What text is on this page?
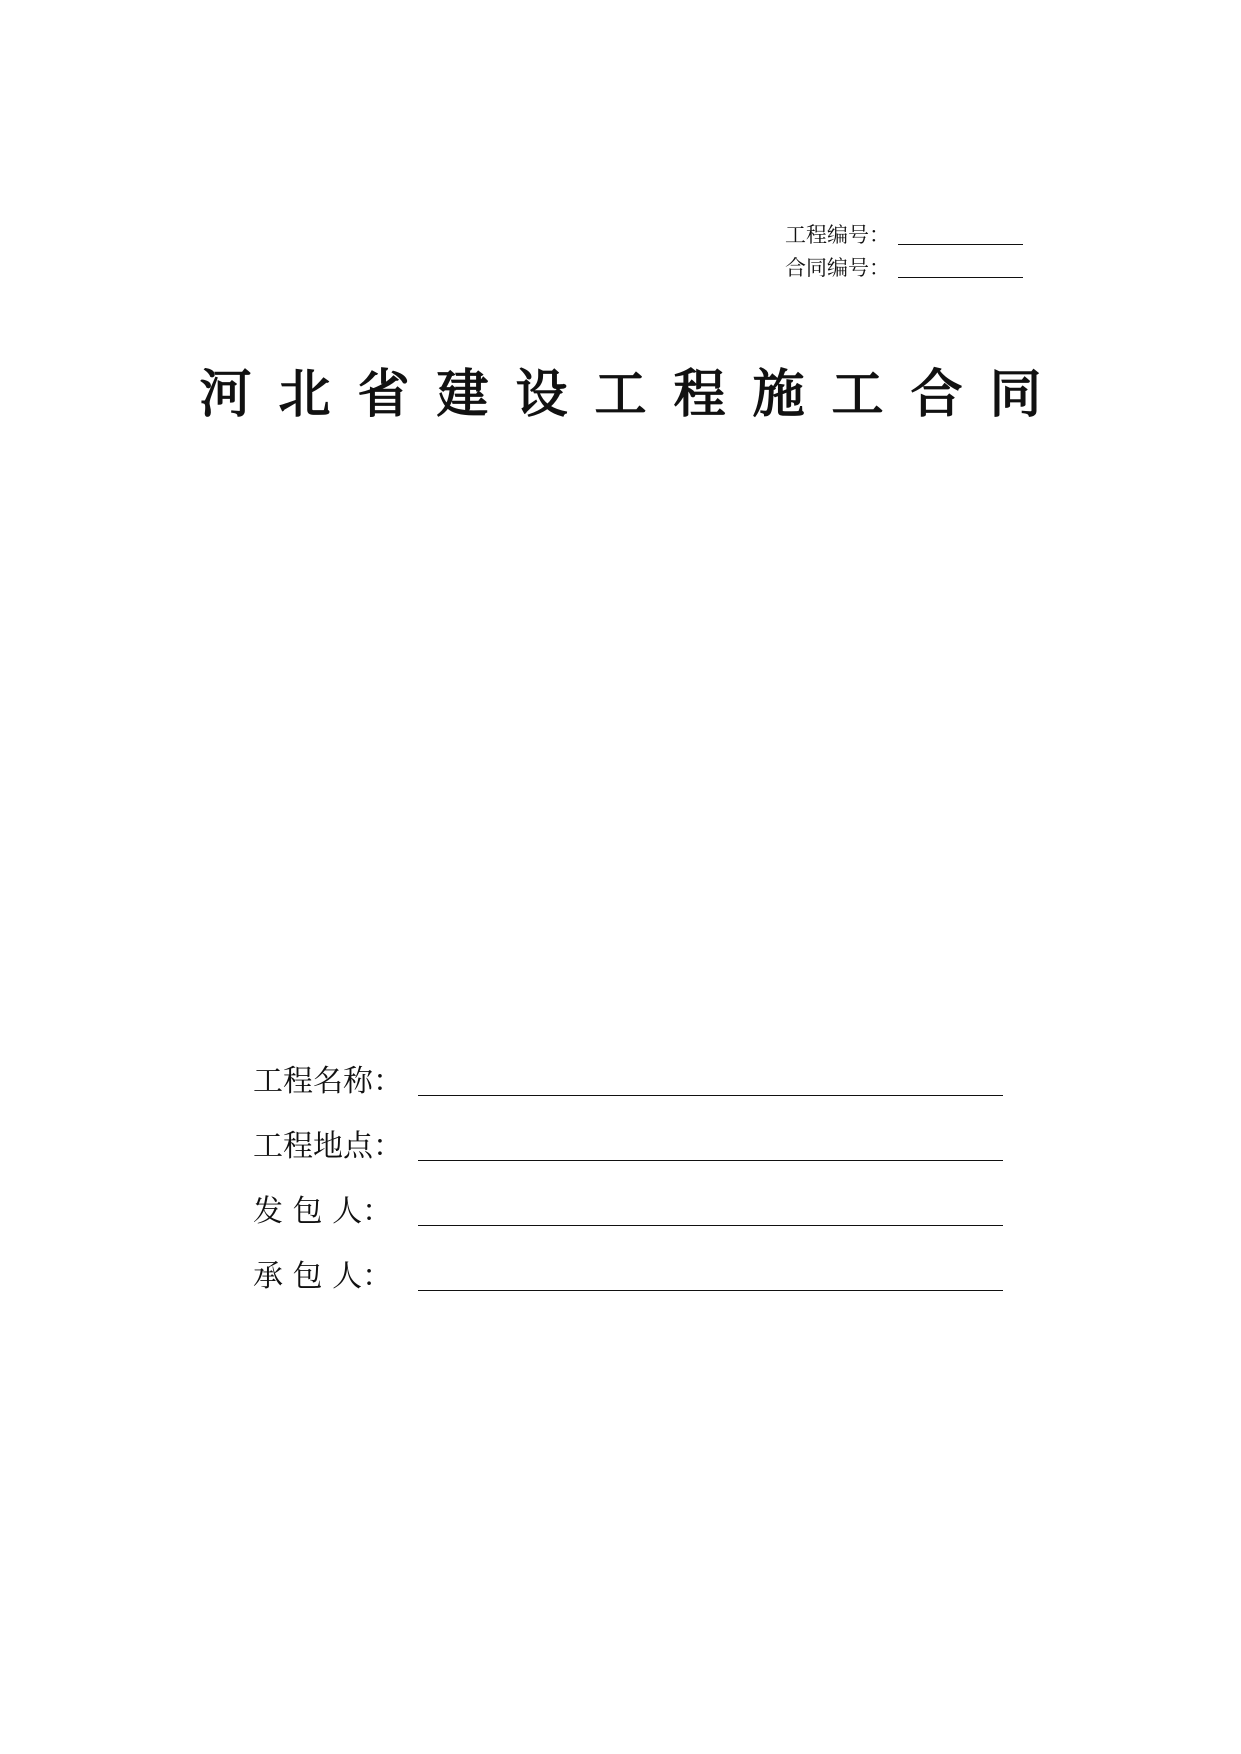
工程编号：
合同编号：
河北省建设工程施工合同
工程名称：
工程地点：
发 包 人：
承 包 人：
